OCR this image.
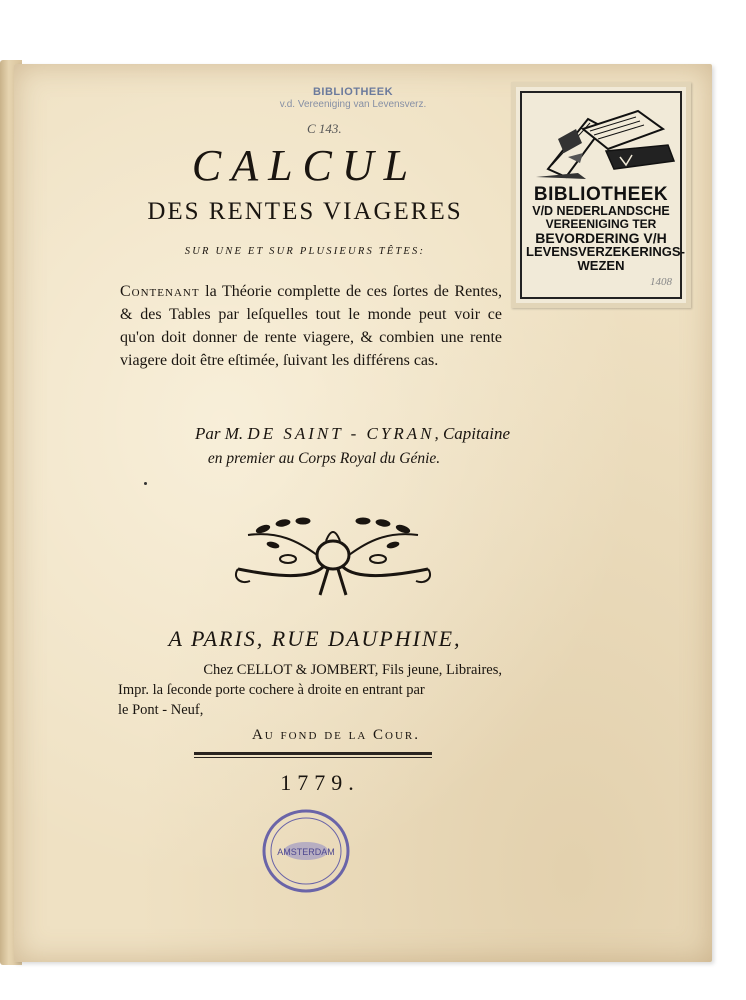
BIBLIOTHEEK
v.d. Vereeniging van Levensverz.
C 143.
BIBLIOTHEEK
V/D NEDERLANDSCHE
VEREENIGING TER
BEVORDERING V/H
LEVENSVERZEKERINGS-
WEZEN
1408
CALCUL
DES RENTES VIAGERES
SUR UNE ET SUR PLUSIEURS TÊTES:
Contenant la Théorie complette de ces ſortes de Rentes, & des Tables par leſquelles tout le monde peut voir ce qu'on doit donner de rente viagere, & combien une rente viagere doit être eſtimée, ſuivant les différens cas.
Par M. DE SAINT - CYRAN, Capitaine
en premier au Corps Royal du Génie.
A PARIS, RUE DAUPHINE,
Chez CELLOT & JOMBERT, Fils jeune, Libraires,
Impr. la ſeconde porte cochere à droite en entrant par
le Pont - Neuf,
Au fond de la Cour.
1779.
AMSTERDAM
